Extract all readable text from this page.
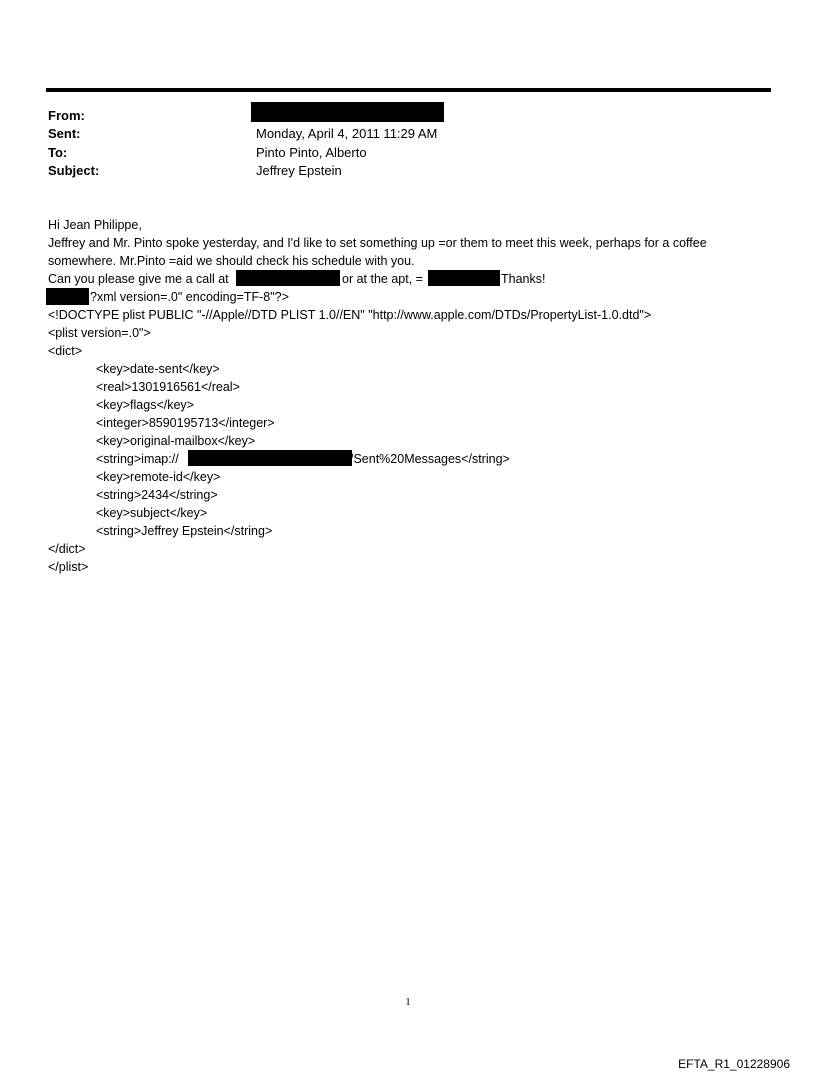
From:
Sent:	Monday, April 4, 2011 11:29 AM
To:	Pinto Pinto, Alberto
Subject:	Jeffrey Epstein
Hi Jean Philippe,
Jeffrey and Mr. Pinto spoke yesterday, and I'd like to set something up =or them to meet this week, perhaps for a coffee
somewhere. Mr.Pinto =aid we should check his schedule with you.
Can you please give me a call at	or at the apt, =	Thanks!
?xml version=.0" encoding=TF-8"?>
<!DOCTYPE plist PUBLIC "-//Apple//DTD PLIST 1.0//EN" "http://www.apple.com/DTDs/PropertyList-1.0.dtd">
<plist version=.0">
<dict>
<key>date-sent</key>
<real>1301916561</real>
<key>flags</key>
<integer>8590195713</integer>
<key>original-mailbox</key>
<string>imap://	/Sent%20Messages</string>
<key>remote-id</key>
<string>2434</string>
<key>subject</key>
<string>Jeffrey Epstein</string>
</dict>
</plist>
1
EFTA_R1_01228906
